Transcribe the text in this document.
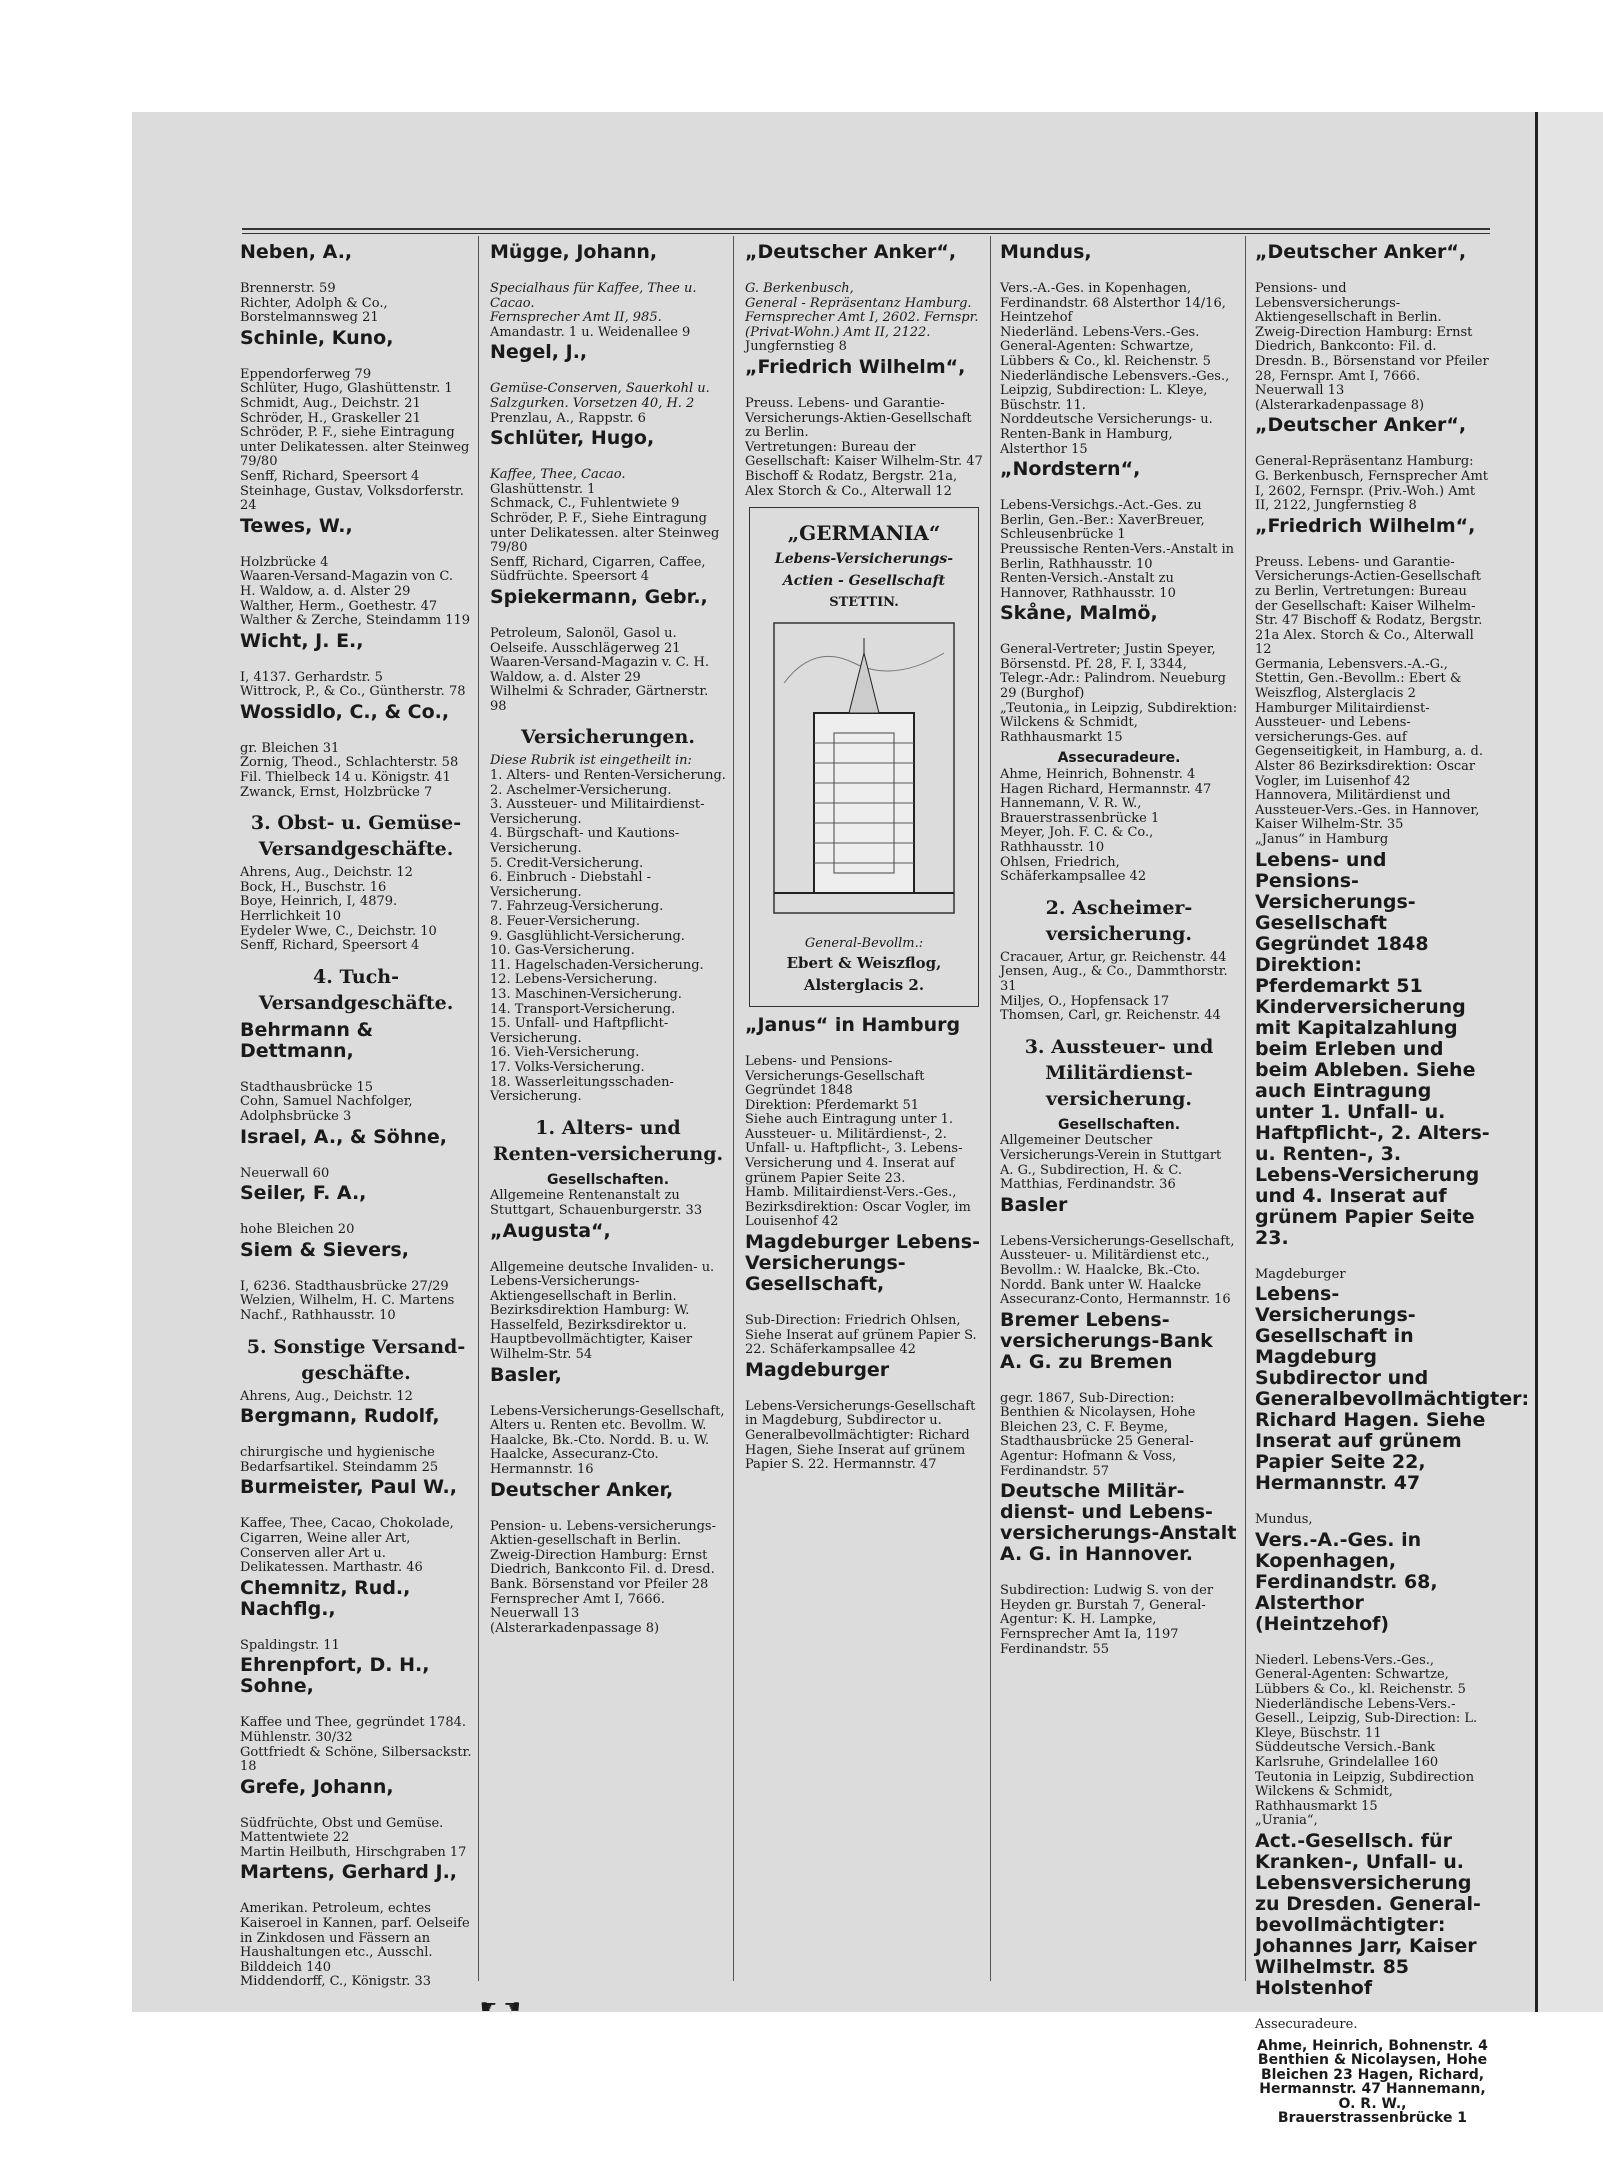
Neben, A.,

Brennerstr. 59

Richter, Adolph & Co., Borstelmannsweg 21

Schinle, Kuno,

Eppendorferweg 79

Schlüter, Hugo, Glashüttenstr. 1

Schmidt, Aug., Deichstr. 21

Schröder, H., Graskeller 21

Schröder, P. F., siehe Eintragung unter Delikatessen. alter Steinweg 79/80

Senff, Richard, Speersort 4

Steinhage, Gustav, Volksdorferstr. 24

Tewes, W.,

Holzbrücke 4

Waaren-Versand-Magazin von C. H. Waldow, a. d. Alster 29

Walther, Herm., Goethestr. 47

Walther & Zerche, Steindamm 119

Wicht, J. E.,

I, 4137. Gerhardstr. 5

Wittrock, P., & Co., Güntherstr. 78

Wossidlo, C., & Co.,

gr. Bleichen 31

Zornig, Theod., Schlachterstr. 58

Fil. Thielbeck 14 u. Königstr. 41

Zwanck, Ernst, Holzbrücke 7

3. Obst- u. Gemüse-Versandgeschäfte.

Ahrens, Aug., Deichstr. 12

Bock, H., Buschstr. 16

Boye, Heinrich, I, 4879. Herrlichkeit 10

Eydeler Wwe, C., Deichstr. 10

Senff, Richard, Speersort 4

4. Tuch-Versandgeschäfte.

Behrmann & Dettmann,

Stadthausbrücke 15

Cohn, Samuel Nachfolger, Adolphsbrücke 3

Israel, A., & Söhne,

Neuerwall 60

Seiler, F. A.,

hohe Bleichen 20

Siem & Sievers,

I, 6236. Stadthausbrücke 27/29

Welzien, Wilhelm, H. C. Martens Nachf., Rathhausstr. 10

5. Sonstige Versand-geschäfte.

Ahrens, Aug., Deichstr. 12

Bergmann, Rudolf,

chirurgische und hygienische Bedarfsartikel. Steindamm 25

Burmeister, Paul W.,

Kaffee, Thee, Cacao, Chokolade, Cigarren, Weine aller Art, Conserven aller Art u. Delikatessen. Marthastr. 46

Chemnitz, Rud., Nachflg.,

Spaldingstr. 11

Ehrenpfort, D. H., Sohne,

Kaffee und Thee, gegründet 1784. Mühlenstr. 30/32

Gottfriedt & Schöne, Silbersackstr. 18

Grefe, Johann,

Südfrüchte, Obst und Gemüse. Mattentwiete 22

Martin Heilbuth, Hirschgraben 17

Martens, Gerhard J.,

Amerikan. Petroleum, echtes Kaiseroel in Kannen, parf. Oelseife in Zinkdosen und Fässern an Haushaltungen etc., Ausschl. Bilddeich 140

Middendorff, C., Königstr. 33

Mügge, Johann,

Specialhaus für Kaffee, Thee u. Cacao.

Fernsprecher Amt II, 985.

Amandastr. 1 u. Weidenallee 9

Negel, J.,

Gemüse-Conserven, Sauerkohl u. Salzgurken. Vorsetzen 40, H. 2

Prenzlau, A., Rappstr. 6

Schlüter, Hugo,

Kaffee, Thee, Cacao.

Glashüttenstr. 1

Schmack, C., Fuhlentwiete 9

Schröder, P. F., Siehe Eintragung unter Delikatessen. alter Steinweg 79/80

Senff, Richard, Cigarren, Caffee, Südfrüchte. Speersort 4

Spiekermann, Gebr.,

Petroleum, Salonöl, Gasol u. Oelseife. Ausschlägerweg 21

Waaren-Versand-Magazin v. C. H. Waldow, a. d. Alster 29

Wilhelmi & Schrader, Gärtnerstr. 98

Versicherungen.

Diese Rubrik ist eingetheilt in:

1. Alters- und Renten-Versicherung.

2. Aschelmer-Versicherung.

3. Aussteuer- und Militairdienst-Versicherung.

4. Bürgschaft- und Kautions-Versicherung.

5. Credit-Versicherung.

6. Einbruch - Diebstahl - Versicherung.

7. Fahrzeug-Versicherung.

8. Feuer-Versicherung.

9. Gasglühlicht-Versicherung.

10. Gas-Versicherung.

11. Hagelschaden-Versicherung.

12. Lebens-Versicherung.

13. Maschinen-Versicherung.

14. Transport-Versicherung.

15. Unfall- und Haftpflicht-Versicherung.

16. Vieh-Versicherung.

17. Volks-Versicherung.

18. Wasserleitungsschaden-Versicherung.

1. Alters- und Renten-versicherung.

Gesellschaften.

Allgemeine Rentenanstalt zu Stuttgart, Schauenburgerstr. 33

„Augusta“,

Allgemeine deutsche Invaliden- u. Lebens-Versicherungs-Aktiengesellschaft in Berlin. Bezirksdirektion Hamburg: W. Hasselfeld, Bezirksdirektor u. Hauptbevollmächtigter, Kaiser Wilhelm-Str. 54

Basler,

Lebens-Versicherungs-Gesellschaft, Alters u. Renten etc. Bevollm. W. Haalcke, Bk.-Cto. Nordd. B. u. W. Haalcke, Assecuranz-Cto. Hermannstr. 16

Deutscher Anker,

Pension- u. Lebens-versicherungs-Aktien-gesellschaft in Berlin. Zweig-Direction Hamburg: Ernst Diedrich, Bankconto Fil. d. Dresd. Bank. Börsenstand vor Pfeiler 28 Fernsprecher Amt I, 7666. Neuerwall 13 (Alsterarkadenpassage 8)

„Deutscher Anker“,

G. Berkenbusch,

General - Repräsentanz Hamburg.

Fernsprecher Amt I, 2602. Fernspr. (Privat-Wohn.) Amt II, 2122.

Jungfernstieg 8

„Friedrich Wilhelm“,

Preuss. Lebens- und Garantie-Versicherungs-Aktien-Gesellschaft zu Berlin.

Vertretungen: Bureau der Gesellschaft: Kaiser Wilhelm-Str. 47

Bischoff & Rodatz, Bergstr. 21a, Alex Storch & Co., Alterwall 12

„GERMANIA“

Lebens-Versicherungs-Actien - Gesellschaft

STETTIN.

General-Bevollm.:

Ebert & Weiszflog,

Alsterglacis 2.

„Janus“ in Hamburg

Lebens- und Pensions-Versicherungs-Gesellschaft Gegründet 1848

Direktion: Pferdemarkt 51

Siehe auch Eintragung unter 1. Aussteuer- u. Militärdienst-, 2. Unfall- u. Haftpflicht-, 3. Lebens-Versicherung und 4. Inserat auf grünem Papier Seite 23.

Hamb. Militairdienst-Vers.-Ges., Bezirksdirektion: Oscar Vogler, im Louisenhof 42

Magdeburger Lebens-Versicherungs-Gesellschaft,

Sub-Direction: Friedrich Ohlsen, Siehe Inserat auf grünem Papier S. 22. Schäferkampsallee 42

Magdeburger

Lebens-Versicherungs-Gesellschaft in Magdeburg, Subdirector u. Generalbevollmächtigter: Richard Hagen, Siehe Inserat auf grünem Papier S. 22. Hermannstr. 47

Mundus,

Vers.-A.-Ges. in Kopenhagen, Ferdinandstr. 68 Alsterthor 14/16, Heintzehof

Niederländ. Lebens-Vers.-Ges. General-Agenten: Schwartze, Lübbers & Co., kl. Reichenstr. 5

Niederländische Lebensvers.-Ges., Leipzig, Subdirection: L. Kleye, Büschstr. 11.

Norddeutsche Versicherungs- u. Renten-Bank in Hamburg, Alsterthor 15

„Nordstern“,

Lebens-Versichgs.-Act.-Ges. zu Berlin, Gen.-Ber.: XaverBreuer, Schleusenbrücke 1

Preussische Renten-Vers.-Anstalt in Berlin, Rathhausstr. 10

Renten-Versich.-Anstalt zu Hannover, Rathhausstr. 10

Skåne, Malmö,

General-Vertreter; Justin Speyer, Börsenstd. Pf. 28, F. I, 3344, Telegr.-Adr.: Palindrom. Neueburg 29 (Burghof)

„Teutonia„ in Leipzig, Subdirektion: Wilckens & Schmidt, Rathhausmarkt 15

Assecuradeure.

Ahme, Heinrich, Bohnenstr. 4

Hagen Richard, Hermannstr. 47

Hannemann, V. R. W., Brauerstrassenbrücke 1

Meyer, Joh. F. C. & Co., Rathhausstr. 10

Ohlsen, Friedrich, Schäferkampsallee 42

2. Ascheimer-versicherung.

Cracauer, Artur, gr. Reichenstr. 44

Jensen, Aug., & Co., Dammthorstr. 31

Miljes, O., Hopfensack 17

Thomsen, Carl, gr. Reichenstr. 44

3. Aussteuer- und Militärdienst-versicherung.

Gesellschaften.

Allgemeiner Deutscher Versicherungs-Verein in Stuttgart A. G., Subdirection, H. & C. Matthias, Ferdinandstr. 36

Basler

Lebens-Versicherungs-Gesellschaft, Aussteuer- u. Militärdienst etc., Bevollm.: W. Haalcke, Bk.-Cto. Nordd. Bank unter W. Haalcke Assecuranz-Conto, Hermannstr. 16

Bremer Lebens-versicherungs-Bank A. G. zu Bremen

gegr. 1867, Sub-Direction: Benthien & Nicolaysen, Hohe Bleichen 23, C. F. Beyme, Stadthausbrücke 25 General-Agentur: Hofmann & Voss, Ferdinandstr. 57

Deutsche Militär-dienst- und Lebens-versicherungs-Anstalt A. G. in Hannover.

Subdirection: Ludwig S. von der Heyden gr. Burstah 7, General-Agentur: K. H. Lampke, Fernsprecher Amt Ia, 1197 Ferdinandstr. 55

„Deutscher Anker“,

Pensions- und Lebensversicherungs-Aktiengesellschaft in Berlin. Zweig-Direction Hamburg: Ernst Diedrich, Bankconto: Fil. d. Dresdn. B., Börsenstand vor Pfeiler 28, Fernspr. Amt I, 7666. Neuerwall 13 (Alsterarkadenpassage 8)

„Deutscher Anker“,

General-Repräsentanz Hamburg: G. Berkenbusch, Fernsprecher Amt I, 2602, Fernspr. (Priv.-Woh.) Amt II, 2122, Jungfernstieg 8

„Friedrich Wilhelm“,

Preuss. Lebens- und Garantie-Versicherungs-Actien-Gesellschaft zu Berlin, Vertretungen: Bureau der Gesellschaft: Kaiser Wilhelm-Str. 47 Bischoff & Rodatz, Bergstr. 21a Alex. Storch & Co., Alterwall 12

Germania, Lebensvers.-A.-G., Stettin, Gen.-Bevollm.: Ebert & Weiszflog, Alsterglacis 2

Hamburger Militairdienst-Aussteuer- und Lebens-versicherungs-Ges. auf Gegenseitigkeit, in Hamburg, a. d. Alster 86 Bezirksdirektion: Oscar Vogler, im Luisenhof 42

Hannovera, Militärdienst und Aussteuer-Vers.-Ges. in Hannover, Kaiser Wilhelm-Str. 35

„Janus“ in Hamburg

Lebens- und Pensions-Versicherungs-Gesellschaft Gegründet 1848 Direktion: Pferdemarkt 51 Kinderversicherung mit Kapitalzahlung beim Erleben und beim Ableben. Siehe auch Eintragung unter 1. Unfall- u. Haftpflicht-, 2. Alters- u. Renten-, 3. Lebens-Versicherung und 4. Inserat auf grünem Papier Seite 23.

Magdeburger

Lebens-Versicherungs-Gesellschaft in Magdeburg Subdirector und Generalbevollmächtigter: Richard Hagen. Siehe Inserat auf grünem Papier Seite 22, Hermannstr. 47

Mundus,

Vers.-A.-Ges. in Kopenhagen, Ferdinandstr. 68, Alsterthor (Heintzehof)

Niederl. Lebens-Vers.-Ges., General-Agenten: Schwartze, Lübbers & Co., kl. Reichenstr. 5

Niederländische Lebens-Vers.-Gesell., Leipzig, Sub-Direction: L. Kleye, Büschstr. 11

Süddeutsche Versich.-Bank Karlsruhe, Grindelallee 160

Teutonia in Leipzig, Subdirection Wilckens & Schmidt, Rathhausmarkt 15

„Urania“,

Act.-Gesellsch. für Kranken-, Unfall- u. Lebensversicherung zu Dresden. General-bevollmächtigter: Johannes Jarr, Kaiser Wilhelmstr. 85 Holstenhof

Assecuradeure.

Ahme, Heinrich, Bohnenstr. 4 Benthien & Nicolaysen, Hohe Bleichen 23 Hagen, Richard, Hermannstr. 47 Hannemann, O. R. W., Brauerstrassenbrücke 1

☛ ☚
